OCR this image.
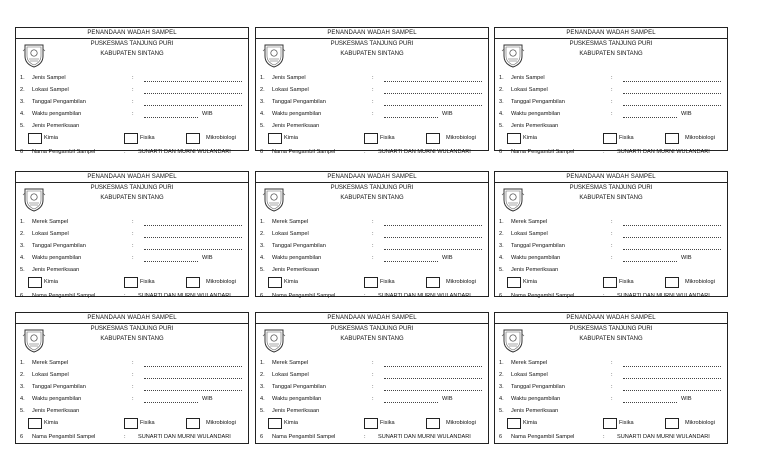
PENANDAAN WADAH SAMPEL
PUSKESMAS TANJUNG PURI
KABUPATEN SINTANG
1. Jenis Sampel	:
2. Lokasi Sampel	:
3. Tanggal Pengambilan	:
4. Waktu pengambilan	:	WIB
5. Jenis Pemeriksaan
Kimia	Fisika	Mikrobiologi
6 Nama Pengambil Sampel	: SUNARTI DAN MURNI WULANDARI
PENANDAAN WADAH SAMPEL
PUSKESMAS TANJUNG PURI
KABUPATEN SINTANG
1. Jenis Sampel	:
2. Lokasi Sampel	:
3. Tanggal Pengambilan	:
4. Waktu pengambilan	:	WIB
5. Jenis Pemeriksaan
Kimia	Fisika	Mikrobiologi
6 Nama Pengambil Sampel	: SUNARTI DAN MURNI WULANDARI
PENANDAAN WADAH SAMPEL
PUSKESMAS TANJUNG PURI
KABUPATEN SINTANG
1. Jenis Sampel	:
2. Lokasi Sampel	:
3. Tanggal Pengambilan	:
4. Waktu pengambilan	:	WIB
5. Jenis Pemeriksaan
Kimia	Fisika	Mikrobiologi
6 Nama Pengambil Sampel	: SUNARTI DAN MURNI WULANDARI
PENANDAAN WADAH SAMPEL
PUSKESMAS TANJUNG PURI
KABUPATEN SINTANG
1. Merek Sampel	:
2. Lokasi Sampel	:
3. Tanggal Pengambilan	:
4. Waktu pengambilan	:	WIB
5. Jenis Pemeriksaan
Kimia	Fisika	Mikrobiologi
6 Nama Pengambil Sampel	: SUNARTI DAN MURNI WULANDARI
PENANDAAN WADAH SAMPEL
PUSKESMAS TANJUNG PURI
KABUPATEN SINTANG
1. Merek Sampel	:
2. Lokasi Sampel	:
3. Tanggal Pengambilan	:
4. Waktu pengambilan	:	WIB
5. Jenis Pemeriksaan
Kimia	Fisika	Mikrobiologi
6 Nama Pengambil Sampel	: SUNARTI DAN MURNI WULANDARI
PENANDAAN WADAH SAMPEL
PUSKESMAS TANJUNG PURI
KABUPATEN SINTANG
1. Merek Sampel	:
2. Lokasi Sampel	:
3. Tanggal Pengambilan	:
4. Waktu pengambilan	:	WIB
5. Jenis Pemeriksaan
Kimia	Fisika	Mikrobiologi
6 Nama Pengambil Sampel	: SUNARTI DAN MURNI WULANDARI
PENANDAAN WADAH SAMPEL
PUSKESMAS TANJUNG PURI
KABUPATEN SINTANG
1. Merek Sampel	:
2. Lokasi Sampel	:
3. Tanggal Pengambilan	:
4. Waktu pengambilan	:	WIB
5. Jenis Pemeriksaan
Kimia	Fisika	Mikrobiologi
6 Nama Pengambil Sampel	: SUNARTI DAN MURNI WULANDARI
PENANDAAN WADAH SAMPEL
PUSKESMAS TANJUNG PURI
KABUPATEN SINTANG
1. Merek Sampel	:
2. Lokasi Sampel	:
3. Tanggal Pengambilan	:
4. Waktu pengambilan	:	WIB
5. Jenis Pemeriksaan
Kimia	Fisika	Mikrobiologi
6 Nama Pengambil Sampel	: SUNARTI DAN MURNI WULANDARI
PENANDAAN WADAH SAMPEL
PUSKESMAS TANJUNG PURI
KABUPATEN SINTANG
1. Merek Sampel	:
2. Lokasi Sampel	:
3. Tanggal Pengambilan	:
4. Waktu pengambilan	:	WIB
5. Jenis Pemeriksaan
Kimia	Fisika	Mikrobiologi
6 Nama Pengambil Sampel	: SUNARTI DAN MURNI WULANDARI
